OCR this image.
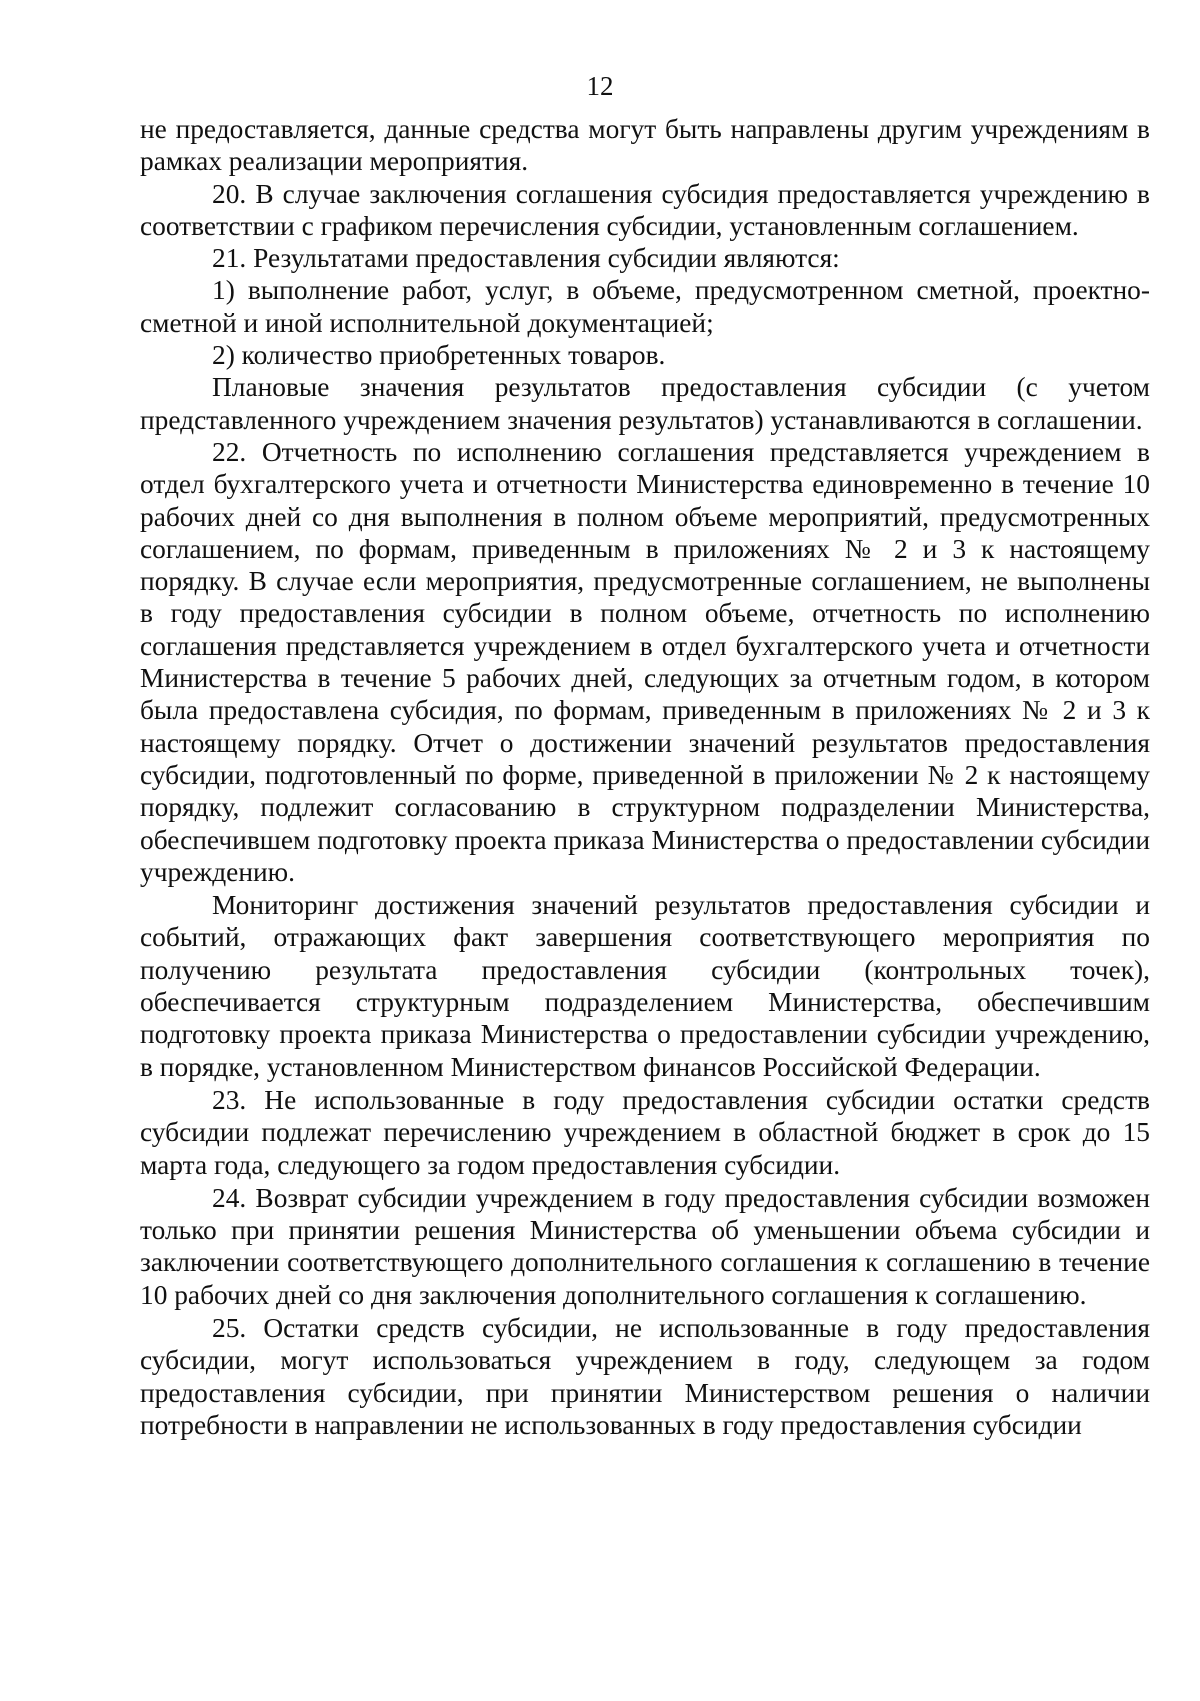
12

не предоставляется, данные средства могут быть направлены другим учреждениям в рамках реализации мероприятия.

20. В случае заключения соглашения субсидия предоставляется учреждению в соответствии с графиком перечисления субсидии, установленным соглашением.

21. Результатами предоставления субсидии являются:

1) выполнение работ, услуг, в объеме, предусмотренном сметной, проектно-сметной и иной исполнительной документацией;

2) количество приобретенных товаров.

Плановые значения результатов предоставления субсидии (с учетом представленного учреждением значения результатов) устанавливаются в соглашении.

22. Отчетность по исполнению соглашения представляется учреждением в отдел бухгалтерского учета и отчетности Министерства единовременно в течение 10 рабочих дней со дня выполнения в полном объеме мероприятий, предусмотренных соглашением, по формам, приведенным в приложениях № 2 и 3 к настоящему порядку. В случае если мероприятия, предусмотренные соглашением, не выполнены в году предоставления субсидии в полном объеме, отчетность по исполнению соглашения представляется учреждением в отдел бухгалтерского учета и отчетности Министерства в течение 5 рабочих дней, следующих за отчетным годом, в котором была предоставлена субсидия, по формам, приведенным в приложениях № 2 и 3 к настоящему порядку. Отчет о достижении значений результатов предоставления субсидии, подготовленный по форме, приведенной в приложении № 2 к настоящему порядку, подлежит согласованию в структурном подразделении Министерства, обеспечившем подготовку проекта приказа Министерства о предоставлении субсидии учреждению.

Мониторинг достижения значений результатов предоставления субсидии и событий, отражающих факт завершения соответствующего мероприятия по получению результата предоставления субсидии (контрольных точек), обеспечивается структурным подразделением Министерства, обеспечившим подготовку проекта приказа Министерства о предоставлении субсидии учреждению, в порядке, установленном Министерством финансов Российской Федерации.

23. Не использованные в году предоставления субсидии остатки средств субсидии подлежат перечислению учреждением в областной бюджет в срок до 15 марта года, следующего за годом предоставления субсидии.

24. Возврат субсидии учреждением в году предоставления субсидии возможен только при принятии решения Министерства об уменьшении объема субсидии и заключении соответствующего дополнительного соглашения к соглашению в течение 10 рабочих дней со дня заключения дополнительного соглашения к соглашению.

25. Остатки средств субсидии, не использованные в году предоставления субсидии, могут использоваться учреждением в году, следующем за годом предоставления субсидии, при принятии Министерством решения о наличии потребности в направлении не использованных в году предоставления субсидии
